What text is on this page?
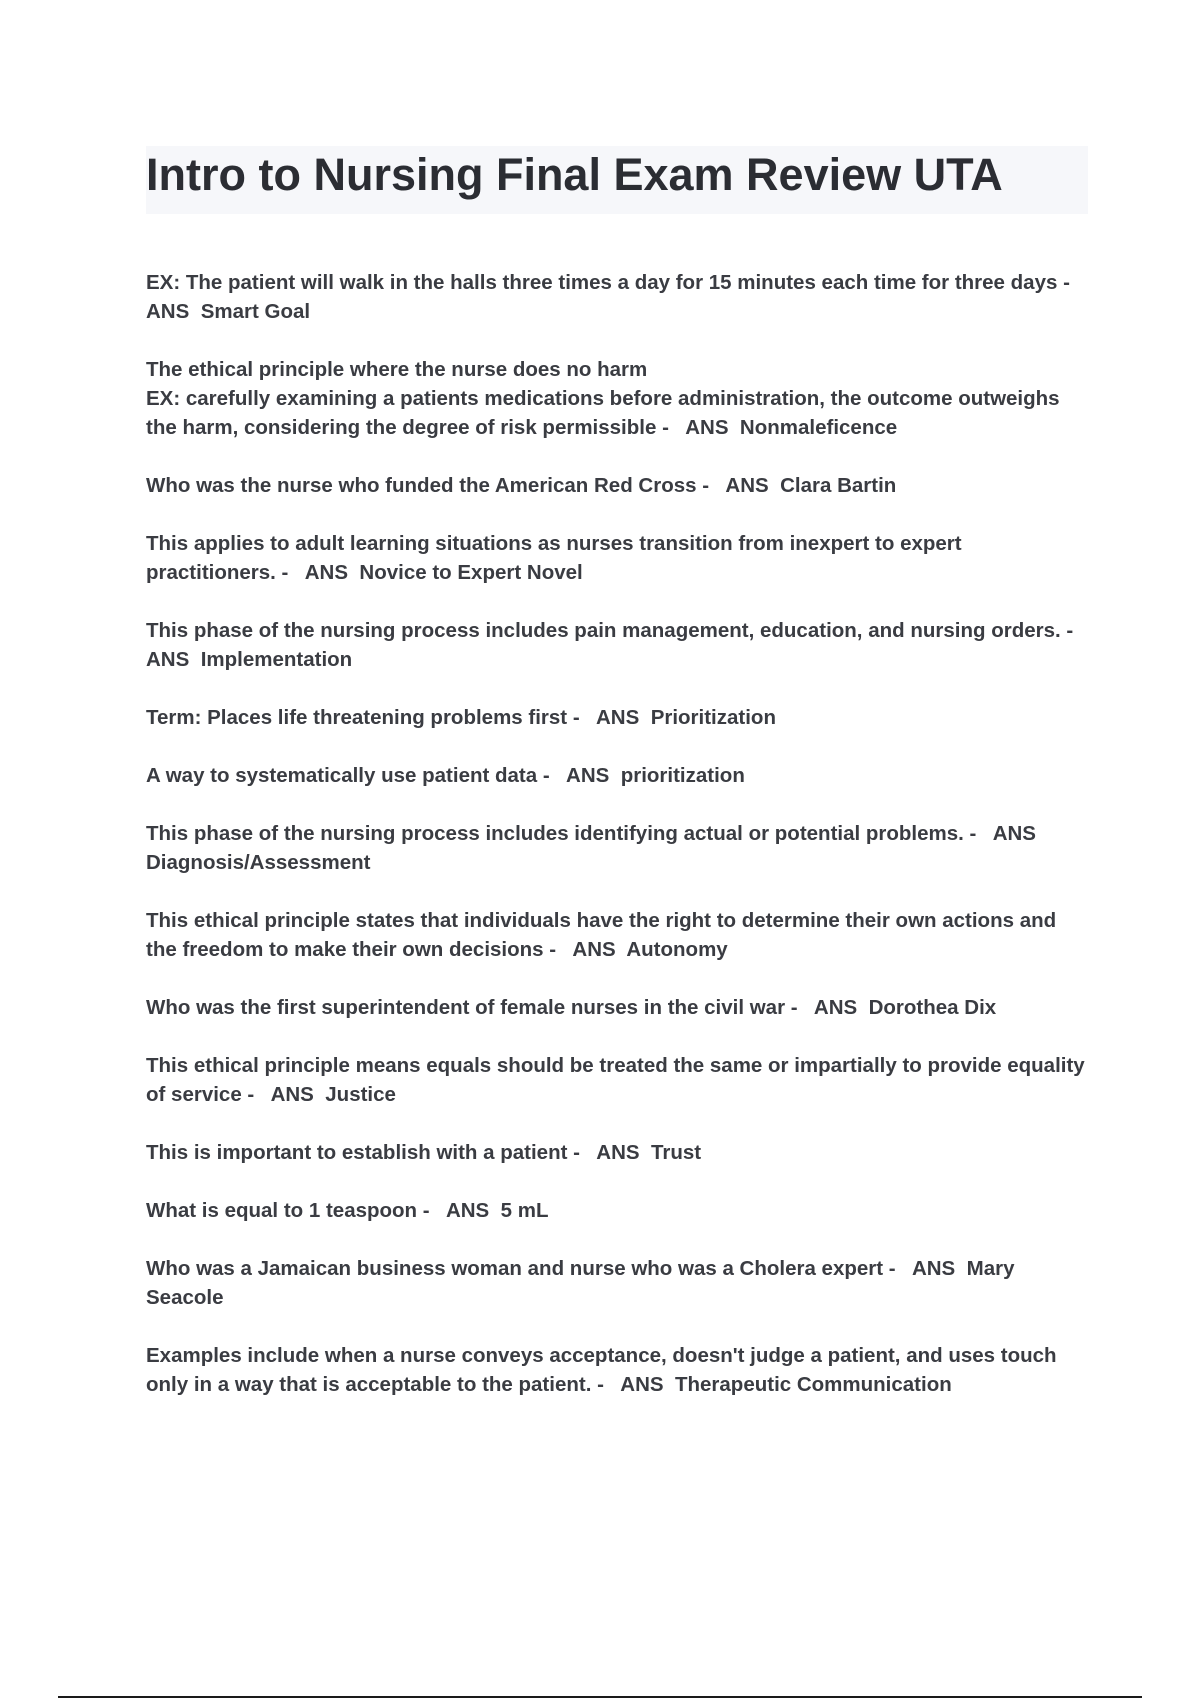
Intro to Nursing Final Exam Review UTA

EX: The patient will walk in the halls three times a day for 15 minutes each time for three days -   ANS Smart Goal

The ethical principle where the nurse does no harm
EX: carefully examining a patients medications before administration, the outcome outweighs the harm, considering the degree of risk permissible - ANS Nonmaleficence

Who was the nurse who funded the American Red Cross - ANS Clara Bartin

This applies to adult learning situations as nurses transition from inexpert to expert practitioners. - ANS Novice to Expert Novel

This phase of the nursing process includes pain management, education, and nursing orders. -   ANS Implementation

Term: Places life threatening problems first - ANS Prioritization

A way to systematically use patient data - ANS prioritization

This phase of the nursing process includes identifying actual or potential problems. - ANS  Diagnosis/Assessment

This ethical principle states that individuals have the right to determine their own actions and the freedom to make their own decisions - ANS Autonomy

Who was the first superintendent of female nurses in the civil war - ANS Dorothea Dix

This ethical principle means equals should be treated the same or impartially to provide equality of service - ANS Justice

This is important to establish with a patient - ANS Trust

What is equal to 1 teaspoon - ANS 5 mL

Who was a Jamaican business woman and nurse who was a Cholera expert - ANS Mary Seacole

Examples include when a nurse conveys acceptance, doesn't judge a patient, and uses touch only in a way that is acceptable to the patient. - ANS Therapeutic Communication
